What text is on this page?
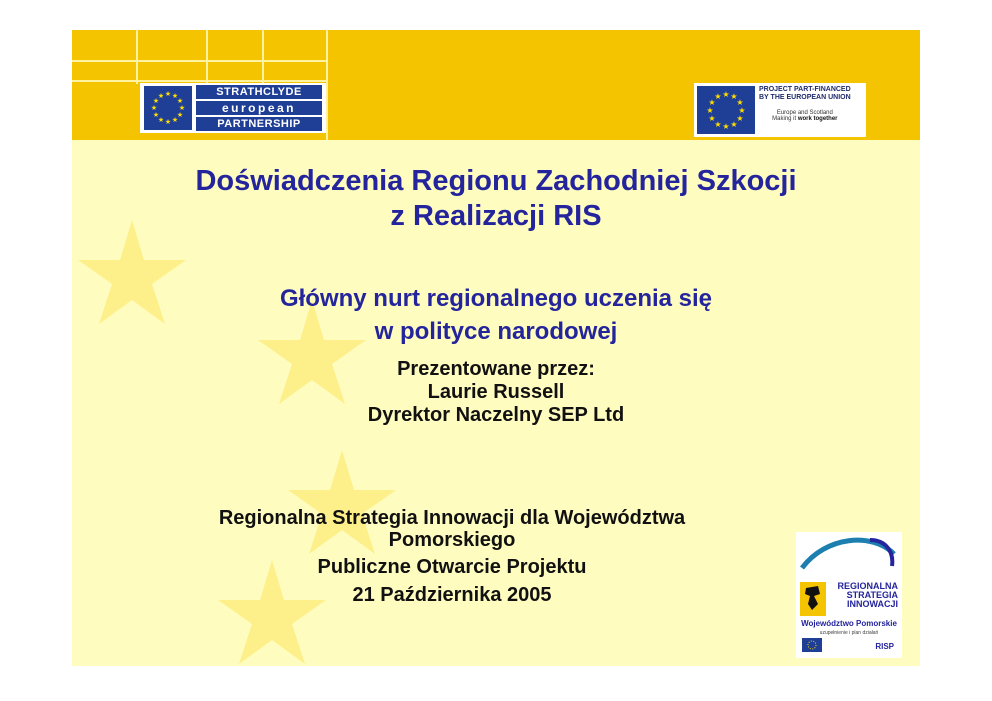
★ ★
★
★
★
★
★
★
★
★
★
★	STRATHCLYDE
european
PARTNERSHIP
★ ★
★
★
★
★
★
★
★
★
★
★
PROJECT PART-FINANCED
BY THE EUROPEAN UNION
Europe and Scotland
Making it work together
Doświadczenia Regionu Zachodniej Szkocji
z Realizacji RIS
Główny nurt regionalnego uczenia się
w polityce narodowej
Prezentowane przez:
Laurie Russell
Dyrektor Naczelny SEP Ltd
Regionalna Strategia Innowacji dla Województwa
Pomorskiego
Publiczne Otwarcie Projektu
21 Października 2005	REGIONALNA
STRATEGIA
INNOWACJI
Województwo Pomorskie
uzupełnienie i plan działań
RISP
